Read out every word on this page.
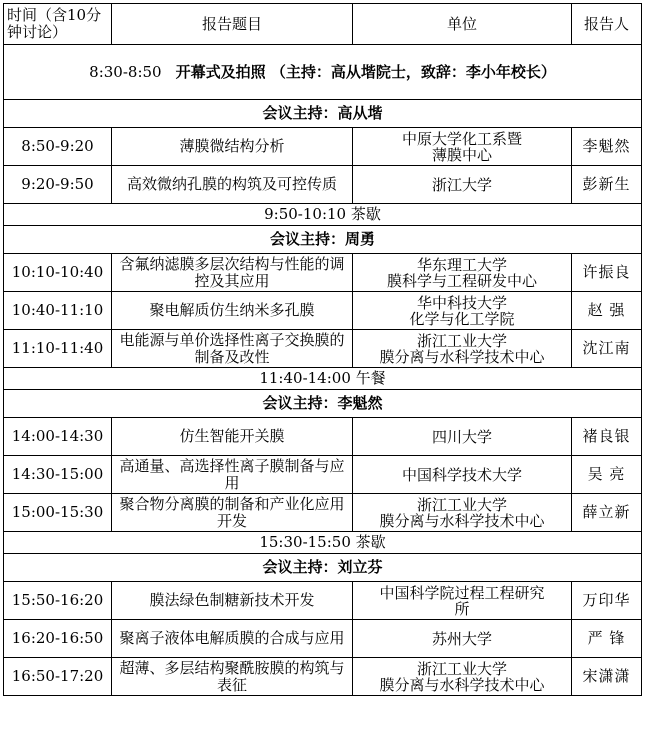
时间（含10分钟讨论）	报告题目	单位	报告人
8:30-8:50 开幕式及拍照 （主持：高从堦院士，致辞：李小年校长）			
会议主持：高从堦			
8:50-9:20	薄膜微结构分析	中原大学化工系暨
薄膜中心	李魁然
9:20-9:50	高效微纳孔膜的构筑及可控传质	浙江大学	彭新生
9:50-10:10 茶歇			
会议主持：周勇			
10:10-10:40	含氟纳滤膜多层次结构与性能的调控及其应用	华东理工大学
膜科学与工程研发中心	许振良
10:40-11:10	聚电解质仿生纳米多孔膜	华中科技大学
化学与化工学院	赵 强
11:10-11:40	电能源与单价选择性离子交换膜的制备及改性	浙江工业大学
膜分离与水科学技术中心	沈江南
11:40-14:00 午餐			
会议主持：李魁然			
14:00-14:30	仿生智能开关膜	四川大学	褚良银
14:30-15:00	高通量、高选择性离子膜制备与应用	中国科学技术大学	吴 亮
15:00-15:30	聚合物分离膜的制备和产业化应用开发	浙江工业大学
膜分离与水科学技术中心	薛立新
15:30-15:50 茶歇			
会议主持：刘立芬			
15:50-16:20	膜法绿色制糖新技术开发	中国科学院过程工程研究
所	万印华
16:20-16:50	聚离子液体电解质膜的合成与应用	苏州大学	严 锋
16:50-17:20	超薄、多层结构聚酰胺膜的构筑与表征	浙江工业大学
膜分离与水科学技术中心	宋潇潇
